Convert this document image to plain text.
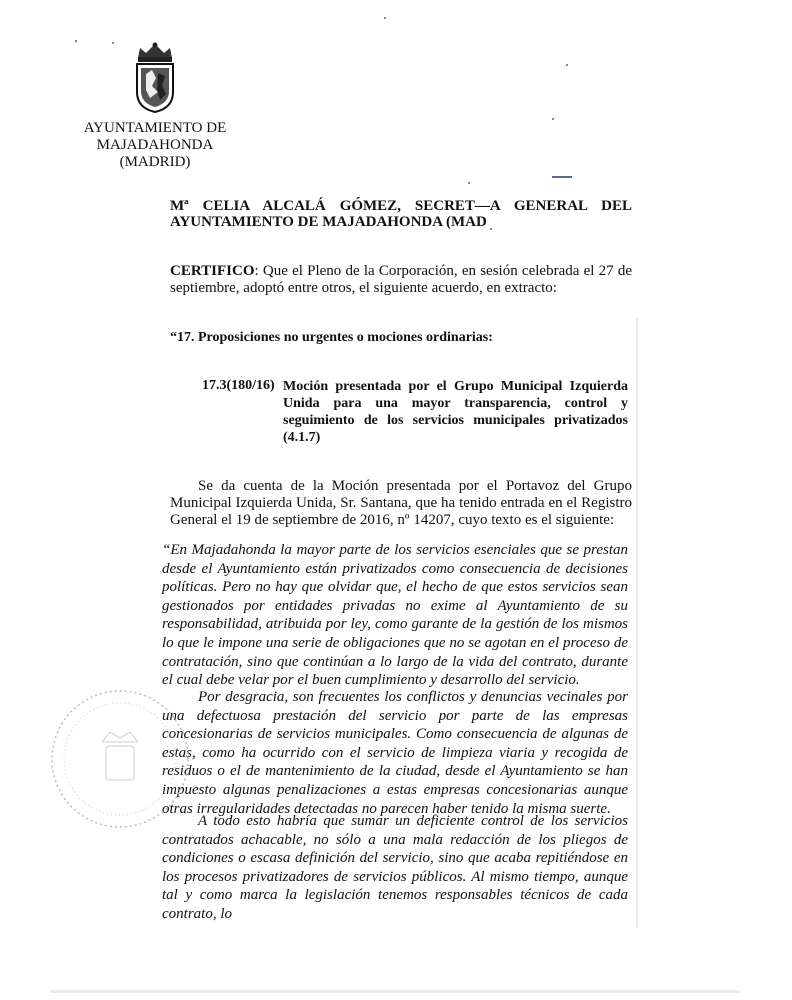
AYUNTAMIENTO DE
MAJADAHONDA
(MADRID)
Mª CELIA ALCALÁ GÓMEZ, SECRET—A GENERAL DEL
AYUNTAMIENTO DE MAJADAHONDA (MAD
CERTIFICO: Que el Pleno de la Corporación, en sesión celebrada el 27 de septiembre, adoptó entre otros, el siguiente acuerdo, en extracto:
“17. Proposiciones no urgentes o mociones ordinarias:
17.3(180/16) Moción presentada por el Grupo Municipal Izquierda Unida para una mayor transparencia, control y seguimiento de los servicios municipales privatizados (4.1.7)
Se da cuenta de la Moción presentada por el Portavoz del Grupo Municipal Izquierda Unida, Sr. Santana, que ha tenido entrada en el Registro General el 19 de septiembre de 2016, nº 14207, cuyo texto es el siguiente:
“En Majadahonda la mayor parte de los servicios esenciales que se prestan desde el Ayuntamiento están privatizados como consecuencia de decisiones políticas. Pero no hay que olvidar que, el hecho de que estos servicios sean gestionados por entidades privadas no exime al Ayuntamiento de su responsabilidad, atribuida por ley, como garante de la gestión de los mismos lo que le impone una serie de obligaciones que no se agotan en el proceso de contratación, sino que continúan a lo largo de la vida del contrato, durante el cual debe velar por el buen cumplimiento y desarrollo del servicio.
Por desgracia, son frecuentes los conflictos y denuncias vecinales por una defectuosa prestación del servicio por parte de las empresas concesionarias de servicios municipales. Como consecuencia de algunas de estas, como ha ocurrido con el servicio de limpieza viaria y recogida de residuos o el de mantenimiento de la ciudad, desde el Ayuntamiento se han impuesto algunas penalizaciones a estas empresas concesionarias aunque otras irregularidades detectadas no parecen haber tenido la misma suerte.
A todo esto habría que sumar un deficiente control de los servicios contratados achacable, no sólo a una mala redacción de los pliegos de condiciones o escasa definición del servicio, sino que acaba repitiéndose en los procesos privatizadores de servicios públicos. Al mismo tiempo, aunque tal y como marca la legislación tenemos responsables técnicos de cada contrato, lo
